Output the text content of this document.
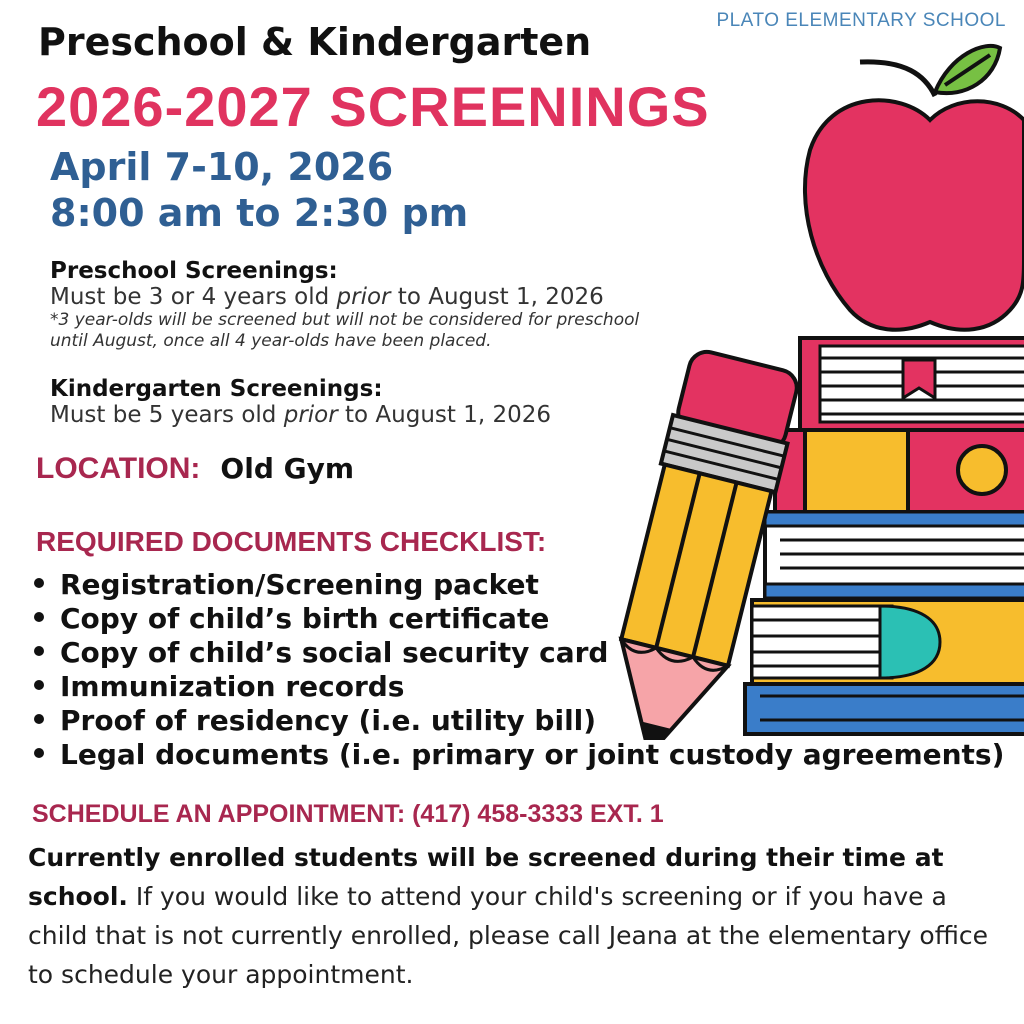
PLATO ELEMENTARY SCHOOL
Preschool & Kindergarten
2026-2027 SCREENINGS
April 7-10, 2026
8:00 am to 2:30 pm
Preschool Screenings:
Must be 3 or 4 years old prior to August 1, 2026
*3 year-olds will be screened but will not be considered for preschool
until August, once all 4 year-olds have been placed.
Kindergarten Screenings:
Must be 5 years old prior to August 1, 2026
LOCATION: Old Gym
REQUIRED DOCUMENTS CHECKLIST:
Registration/Screening packet
Copy of child’s birth certificate
Copy of child’s social security card
Immunization records
Proof of residency (i.e. utility bill)
Legal documents (i.e. primary or joint custody agreements)
SCHEDULE AN APPOINTMENT: (417) 458-3333 EXT. 1
Currently enrolled students will be screened during their time at school. If you would like to attend your child's screening or if you have a child that is not currently enrolled, please call Jeana at the elementary office to schedule your appointment.
